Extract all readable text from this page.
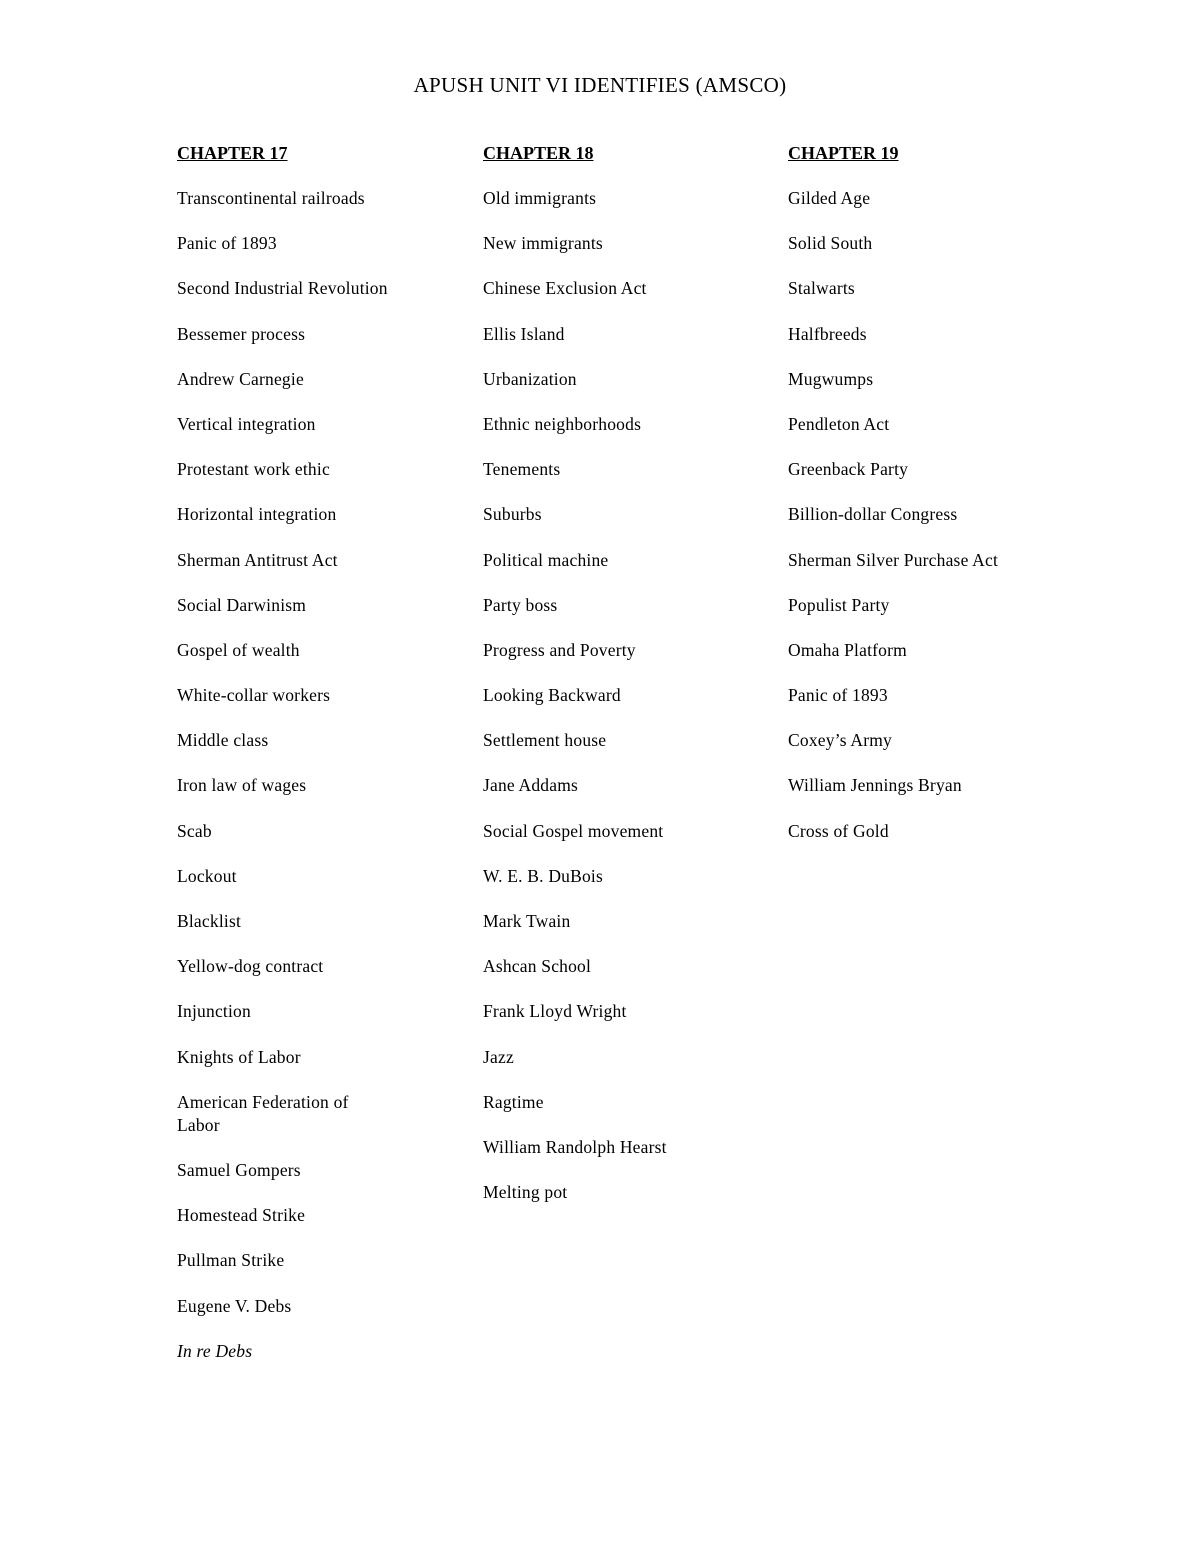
APUSH UNIT VI IDENTIFIES (AMSCO)
CHAPTER 17
Transcontinental railroads
Panic of 1893
Second Industrial Revolution
Bessemer process
Andrew Carnegie
Vertical integration
Protestant work ethic
Horizontal integration
Sherman Antitrust Act
Social Darwinism
Gospel of wealth
White-collar workers
Middle class
Iron law of wages
Scab
Lockout
Blacklist
Yellow-dog contract
Injunction
Knights of Labor
American Federation of Labor
Samuel Gompers
Homestead Strike
Pullman Strike
Eugene V. Debs
In re Debs
CHAPTER 18
Old immigrants
New immigrants
Chinese Exclusion Act
Ellis Island
Urbanization
Ethnic neighborhoods
Tenements
Suburbs
Political machine
Party boss
Progress and Poverty
Looking Backward
Settlement house
Jane Addams
Social Gospel movement
W. E. B. DuBois
Mark Twain
Ashcan School
Frank Lloyd Wright
Jazz
Ragtime
William Randolph Hearst
Melting pot
CHAPTER 19
Gilded Age
Solid South
Stalwarts
Halfbreeds
Mugwumps
Pendleton Act
Greenback Party
Billion-dollar Congress
Sherman Silver Purchase Act
Populist Party
Omaha Platform
Panic of 1893
Coxey’s Army
William Jennings Bryan
Cross of Gold
